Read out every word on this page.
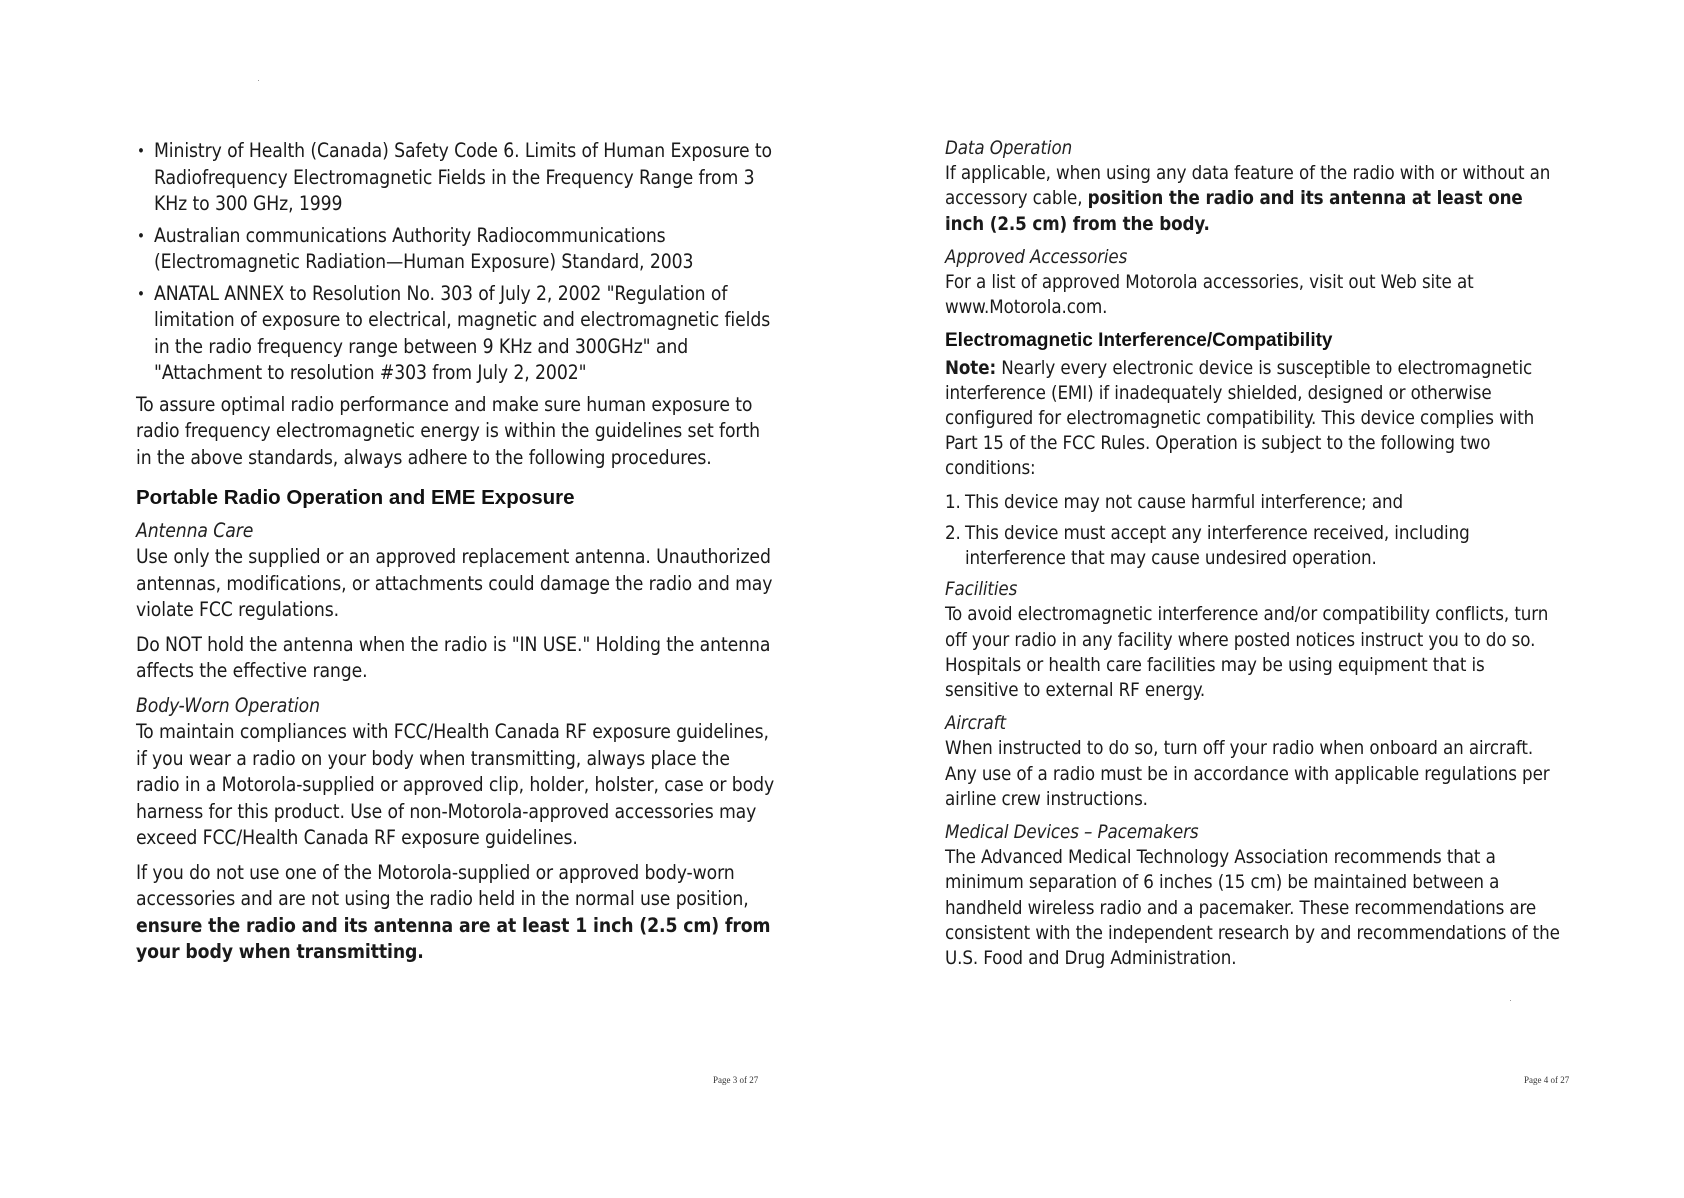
• Ministry of Health (Canada) Safety Code 6. Limits of Human Exposure to Radiofrequency Electromagnetic Fields in the Frequency Range from 3 KHz to 300 GHz, 1999
• Australian communications Authority Radiocommunications (Electromagnetic Radiation—Human Exposure) Standard, 2003
• ANATAL ANNEX to Resolution No. 303 of July 2, 2002 "Regulation of limitation of exposure to electrical, magnetic and electromagnetic fields in the radio frequency range between 9 KHz and 300GHz" and "Attachment to resolution #303 from July 2, 2002"

To assure optimal radio performance and make sure human exposure to radio frequency electromagnetic energy is within the guidelines set forth in the above standards, always adhere to the following procedures.

Portable Radio Operation and EME Exposure

Antenna Care

Use only the supplied or an approved replacement antenna. Unauthorized antennas, modifications, or attachments could damage the radio and may violate FCC regulations.

Do NOT hold the antenna when the radio is "IN USE." Holding the antenna affects the effective range.

Body-Worn Operation

To maintain compliances with FCC/Health Canada RF exposure guidelines, if you wear a radio on your body when transmitting, always place the radio in a Motorola-supplied or approved clip, holder, holster, case or body harness for this product. Use of non-Motorola-approved accessories may exceed FCC/Health Canada RF exposure guidelines.

If you do not use one of the Motorola-supplied or approved body-worn accessories and are not using the radio held in the normal use position, ensure the radio and its antenna are at least 1 inch (2.5 cm) from your body when transmitting.

Page 3 of 27

Data Operation

If applicable, when using any data feature of the radio with or without an accessory cable, position the radio and its antenna at least one inch (2.5 cm) from the body.

Approved Accessories

For a list of approved Motorola accessories, visit out Web site at www.Motorola.com.

Electromagnetic Interference/Compatibility

Note: Nearly every electronic device is susceptible to electromagnetic interference (EMI) if inadequately shielded, designed or otherwise configured for electromagnetic compatibility. This device complies with Part 15 of the FCC Rules. Operation is subject to the following two conditions:

1. This device may not cause harmful interference; and
2. This device must accept any interference received, including interference that may cause undesired operation.

Facilities

To avoid electromagnetic interference and/or compatibility conflicts, turn off your radio in any facility where posted notices instruct you to do so. Hospitals or health care facilities may be using equipment that is sensitive to external RF energy.

Aircraft

When instructed to do so, turn off your radio when onboard an aircraft. Any use of a radio must be in accordance with applicable regulations per airline crew instructions.

Medical Devices – Pacemakers

The Advanced Medical Technology Association recommends that a minimum separation of 6 inches (15 cm) be maintained between a handheld wireless radio and a pacemaker. These recommendations are consistent with the independent research by and recommendations of the U.S. Food and Drug Administration.

Page 4 of 27
